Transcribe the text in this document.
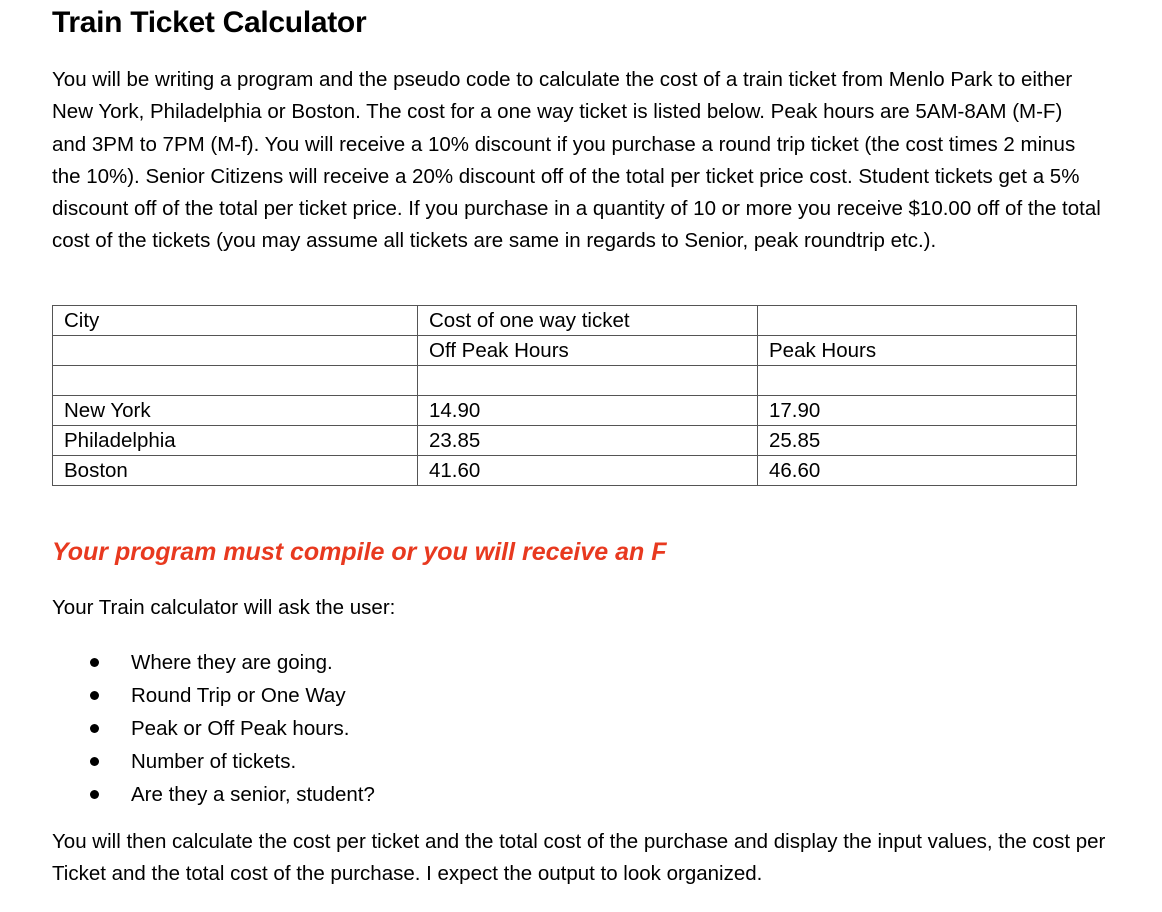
Train Ticket Calculator
You will be writing a program and the pseudo code to calculate the cost of a train ticket from Menlo Park to either New York, Philadelphia or Boston. The cost for a one way ticket is listed below. Peak hours are 5AM-8AM (M-F) and 3PM to 7PM (M-f). You will receive a 10% discount if you purchase a round trip ticket (the cost times 2 minus the 10%). Senior Citizens will receive a 20% discount off of the total per ticket price cost. Student tickets get a 5% discount off of the total per ticket price. If you purchase in a quantity of 10 or more you receive $10.00 off of the total cost of the tickets (you may assume all tickets are same in regards to Senior, peak roundtrip etc.).
City	Cost of one way ticket	
	Off Peak Hours	Peak Hours

New York	14.90	17.90
Philadelphia	23.85	25.85
Boston	41.60	46.60
Your program must compile or you will receive an F
Your Train calculator will ask the user:
Where they are going.
Round Trip or One Way
Peak or Off Peak hours.
Number of tickets.
Are they a senior, student?
You will then calculate the cost per ticket and the total cost of the purchase and display the input values, the cost per Ticket and the total cost of the purchase. I expect the output to look organized.
